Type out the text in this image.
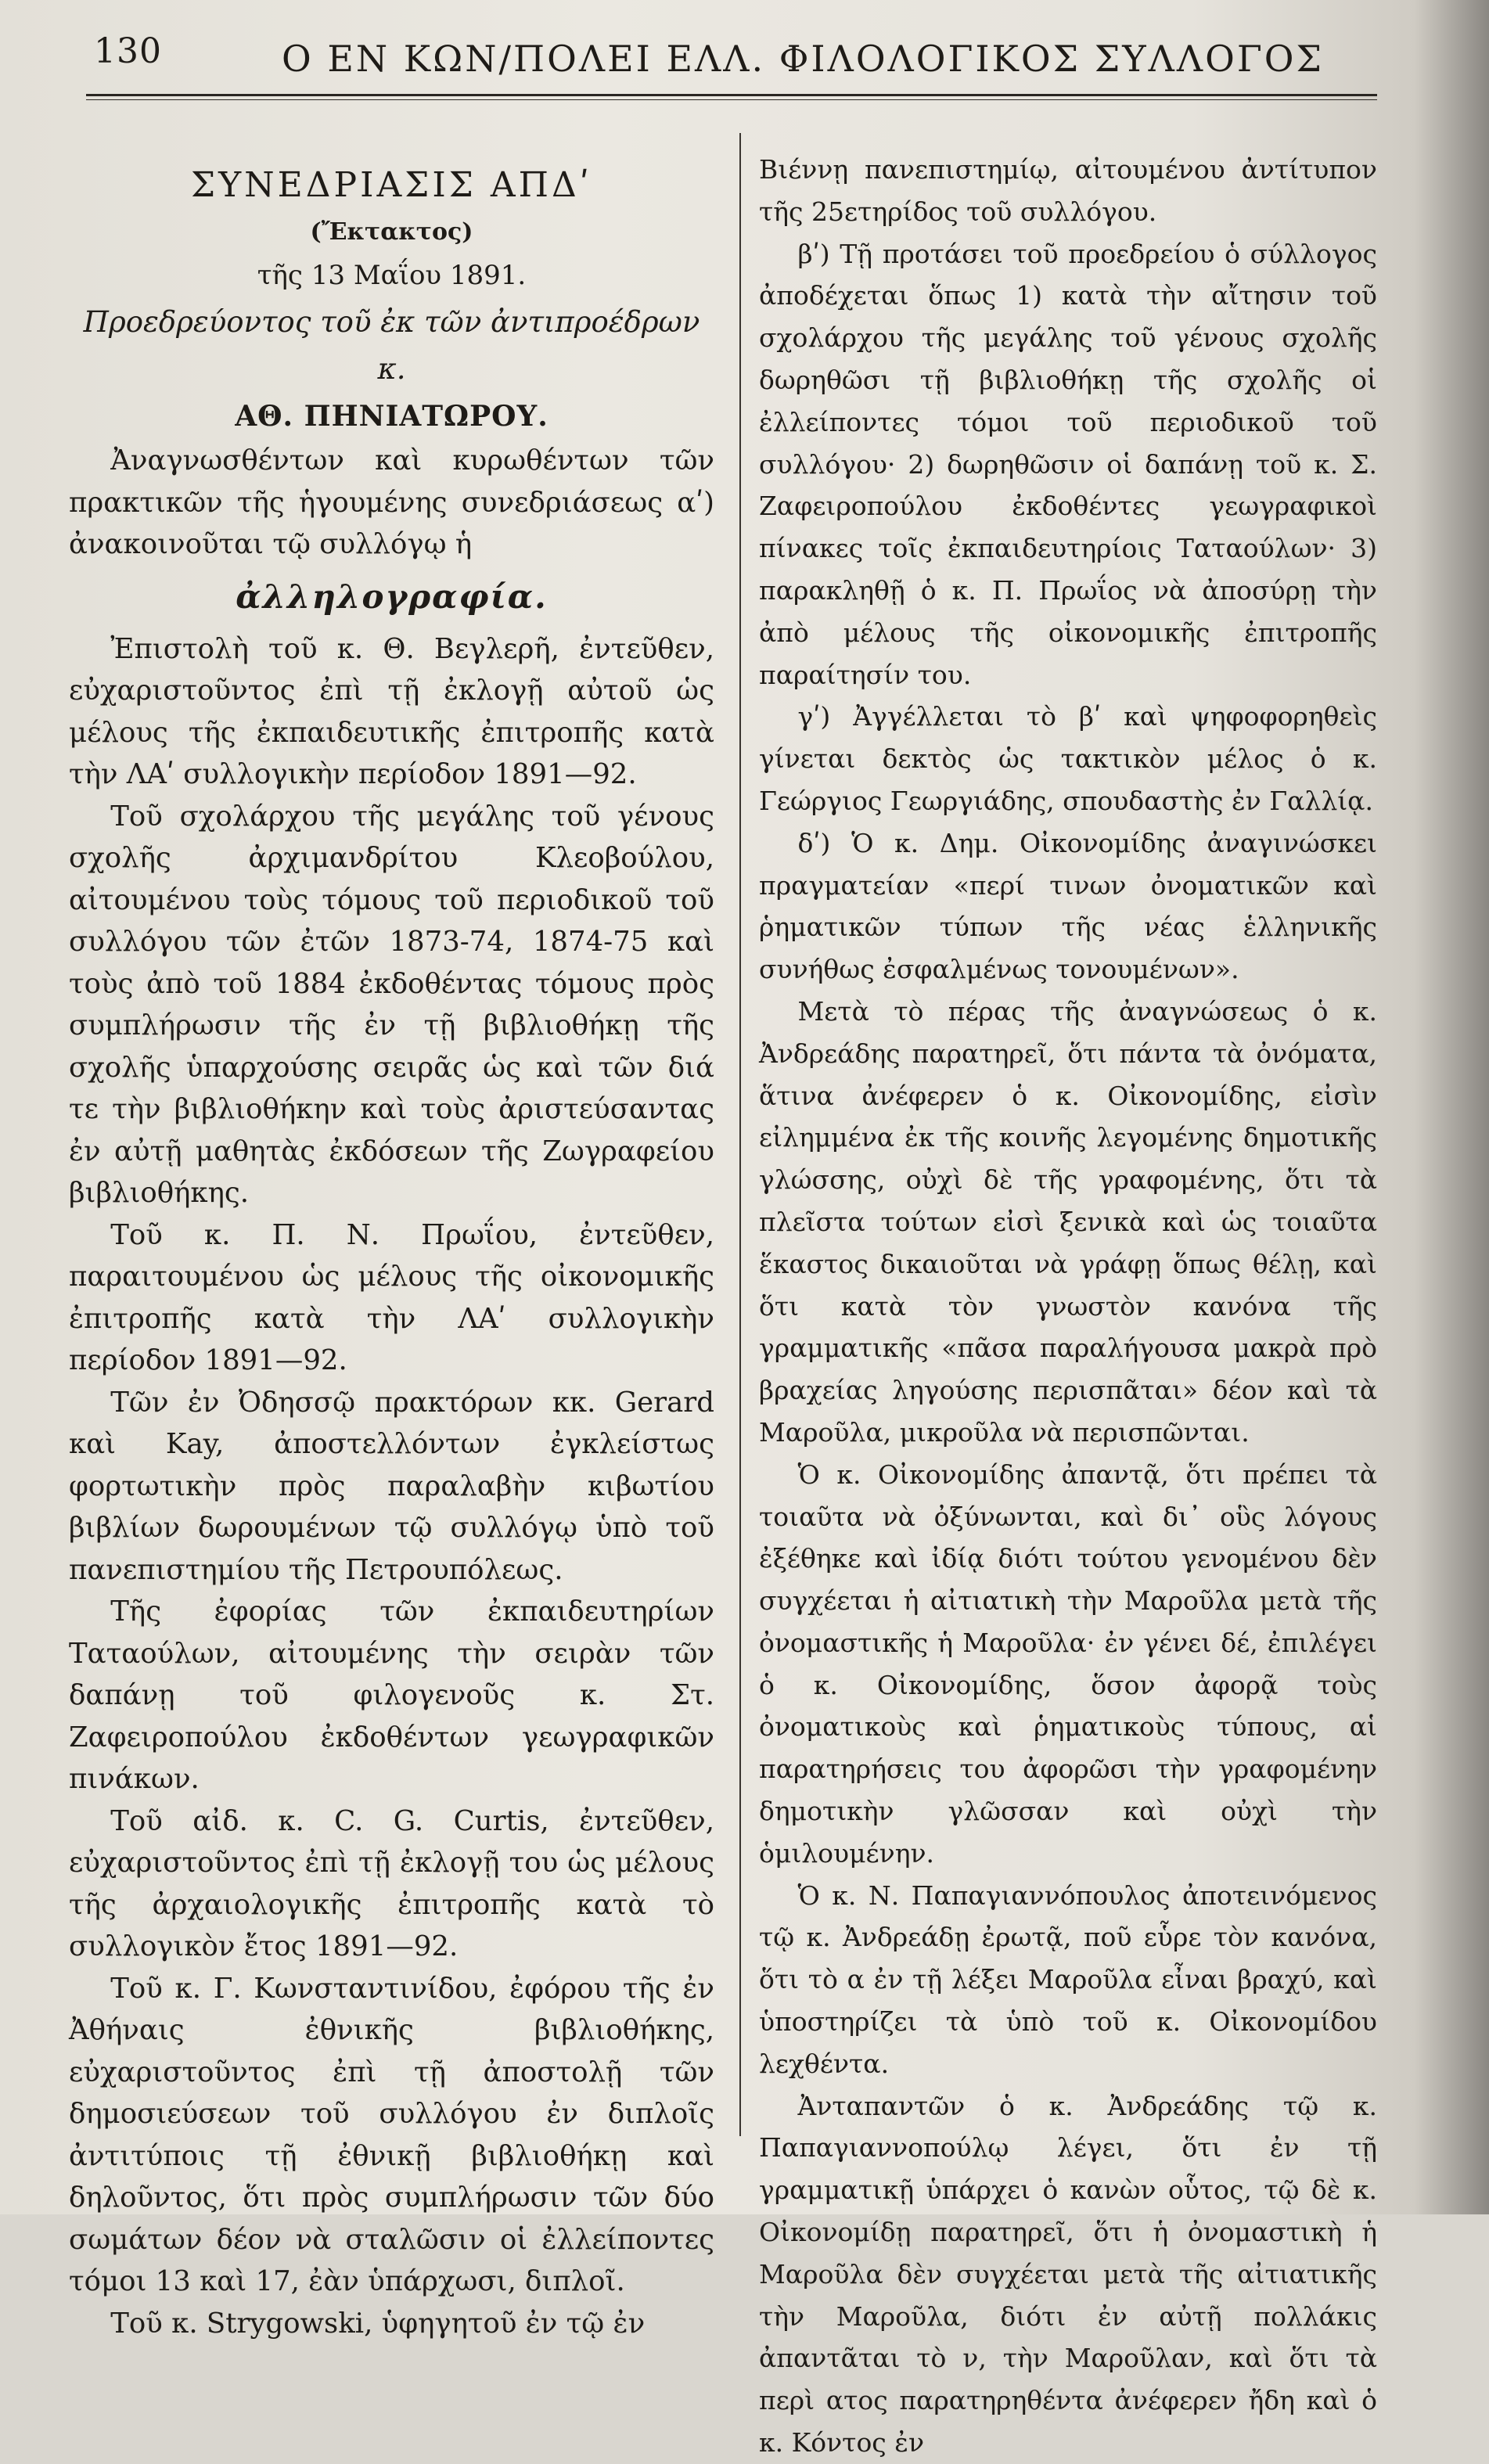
130	Ο ΕΝ ΚΩΝ/ΠΟΛΕΙ ΕΛΛ. ΦΙΛΟΛΟΓΙΚΟΣ ΣΥΛΛΟΓΟΣ

ΣΥΝΕΔΡΙΑΣΙΣ ΑΠΔʹ

(Ἔκτακτος)

τῆς 13 Μαΐου 1891.

Προεδρεύοντος τοῦ ἐκ τῶν ἀντιπροέδρων κ.

ΑΘ. ΠΗΝΙΑΤΩΡΟΥ.

Ἀναγνωσθέντων καὶ κυρωθέντων τῶν πρακτικῶν τῆς ἡγουμένης συνεδριάσεως αʹ) ἀνακοινοῦται τῷ συλλόγῳ ἡ

ἀλληλογραφία.

Ἐπιστολὴ τοῦ κ. Θ. Βεγλερῆ, ἐντεῦθεν, εὐχαριστοῦντος ἐπὶ τῇ ἐκλογῇ αὐτοῦ ὡς μέλους τῆς ἐκπαιδευτικῆς ἐπιτροπῆς κατὰ τὴν ΛΑʹ συλλογικὴν περίοδον 1891—92.

Τοῦ σχολάρχου τῆς μεγάλης τοῦ γένους σχολῆς ἀρχιμανδρίτου Κλεοβούλου, αἰτουμένου τοὺς τόμους τοῦ περιοδικοῦ τοῦ συλλόγου τῶν ἐτῶν 1873-74, 1874-75 καὶ τοὺς ἀπὸ τοῦ 1884 ἐκδοθέντας τόμους πρὸς συμπλήρωσιν τῆς ἐν τῇ βιβλιοθήκῃ τῆς σχολῆς ὑπαρχούσης σειρᾶς ὡς καὶ τῶν διά τε τὴν βιβλιοθήκην καὶ τοὺς ἀριστεύσαντας ἐν αὐτῇ μαθητὰς ἐκδόσεων τῆς Ζωγραφείου βιβλιοθήκης.

Τοῦ κ. Π. Ν. Πρωΐου, ἐντεῦθεν, παραιτουμένου ὡς μέλους τῆς οἰκονομικῆς ἐπιτροπῆς κατὰ τὴν ΛΑʹ συλλογικὴν περίοδον 1891—92.

Τῶν ἐν Ὀδησσῷ πρακτόρων κκ. Gerard καὶ Kay, ἀποστελλόντων ἐγκλείστως φορτωτικὴν πρὸς παραλαβὴν κιβωτίου βιβλίων δωρουμένων τῷ συλλόγῳ ὑπὸ τοῦ πανεπιστημίου τῆς Πετρουπόλεως.

Τῆς ἐφορίας τῶν ἐκπαιδευτηρίων Ταταούλων, αἰτουμένης τὴν σειρὰν τῶν δαπάνῃ τοῦ φιλογενοῦς κ. Στ. Ζαφειροπούλου ἐκδοθέντων γεωγραφικῶν πινάκων.

Τοῦ αἰδ. κ. C. G. Curtis, ἐντεῦθεν, εὐχαριστοῦντος ἐπὶ τῇ ἐκλογῇ του ὡς μέλους τῆς ἀρχαιολογικῆς ἐπιτροπῆς κατὰ τὸ συλλογικὸν ἔτος 1891—92.

Τοῦ κ. Γ. Κωνσταντινίδου, ἐφόρου τῆς ἐν Ἀθήναις ἐθνικῆς βιβλιοθήκης, εὐχαριστοῦντος ἐπὶ τῇ ἀποστολῇ τῶν δημοσιεύσεων τοῦ συλλόγου ἐν διπλοῖς ἀντιτύποις τῇ ἐθνικῇ βιβλιοθήκῃ καὶ δηλοῦντος, ὅτι πρὸς συμπλήρωσιν τῶν δύο σωμάτων δέον νὰ σταλῶσιν οἱ ἐλλείποντες τόμοι 13 καὶ 17, ἐὰν ὑπάρχωσι, διπλοῖ.

Τοῦ κ. Strygowski, ὑφηγητοῦ ἐν τῷ ἐν

Βιέννῃ πανεπιστημίῳ, αἰτουμένου ἀντίτυπον τῆς 25ετηρίδος τοῦ συλλόγου.

βʹ) Τῇ προτάσει τοῦ προεδρείου ὁ σύλλογος ἀποδέχεται ὅπως 1) κατὰ τὴν αἴτησιν τοῦ σχολάρχου τῆς μεγάλης τοῦ γένους σχολῆς δωρηθῶσι τῇ βιβλιοθήκῃ τῆς σχολῆς οἱ ἐλλείποντες τόμοι τοῦ περιοδικοῦ τοῦ συλλόγου· 2) δωρηθῶσιν οἱ δαπάνῃ τοῦ κ. Σ. Ζαφειροπούλου ἐκδοθέντες γεωγραφικοὶ πίνακες τοῖς ἐκπαιδευτηρίοις Ταταούλων· 3) παρακληθῇ ὁ κ. Π. Πρωΐος νὰ ἀποσύρῃ τὴν ἀπὸ μέλους τῆς οἰκονομικῆς ἐπιτροπῆς παραίτησίν του.

γʹ) Ἀγγέλλεται τὸ βʹ καὶ ψηφοφορηθεὶς γίνεται δεκτὸς ὡς τακτικὸν μέλος ὁ κ. Γεώργιος Γεωργιάδης, σπουδαστὴς ἐν Γαλλίᾳ.

δʹ) Ὁ κ. Δημ. Οἰκονομίδης ἀναγινώσκει πραγματείαν «περί τινων ὀνοματικῶν καὶ ῥηματικῶν τύπων τῆς νέας ἑλληνικῆς συνήθως ἐσφαλμένως τονουμένων».

Μετὰ τὸ πέρας τῆς ἀναγνώσεως ὁ κ. Ἀνδρεάδης παρατηρεῖ, ὅτι πάντα τὰ ὀνόματα, ἅτινα ἀνέφερεν ὁ κ. Οἰκονομίδης, εἰσὶν εἰλημμένα ἐκ τῆς κοινῆς λεγομένης δημοτικῆς γλώσσης, οὐχὶ δὲ τῆς γραφομένης, ὅτι τὰ πλεῖστα τούτων εἰσὶ ξενικὰ καὶ ὡς τοιαῦτα ἕκαστος δικαιοῦται νὰ γράφῃ ὅπως θέλῃ, καὶ ὅτι κατὰ τὸν γνωστὸν κανόνα τῆς γραμματικῆς «πᾶσα παραλήγουσα μακρὰ πρὸ βραχείας ληγούσης περισπᾶται» δέον καὶ τὰ Μαροῦλα, μικροῦλα νὰ περισπῶνται.

Ὁ κ. Οἰκονομίδης ἀπαντᾷ, ὅτι πρέπει τὰ τοιαῦτα νὰ ὀξύνωνται, καὶ δι᾽ οὓς λόγους ἐξέθηκε καὶ ἰδίᾳ διότι τούτου γενομένου δὲν συγχέεται ἡ αἰτιατικὴ τὴν Μαροῦλα μετὰ τῆς ὀνομαστικῆς ἡ Μαροῦλα· ἐν γένει δέ, ἐπιλέγει ὁ κ. Οἰκονομίδης, ὅσον ἀφορᾷ τοὺς ὀνοματικοὺς καὶ ῥηματικοὺς τύπους, αἱ παρατηρήσεις του ἀφορῶσι τὴν γραφομένην δημοτικὴν γλῶσσαν καὶ οὐχὶ τὴν ὁμιλουμένην.

Ὁ κ. Ν. Παπαγιαννόπουλος ἀποτεινόμενος τῷ κ. Ἀνδρεάδῃ ἐρωτᾷ, ποῦ εὗρε τὸν κανόνα, ὅτι τὸ α ἐν τῇ λέξει Μαροῦλα εἶναι βραχύ, καὶ ὑποστηρίζει τὰ ὑπὸ τοῦ κ. Οἰκονομίδου λεχθέντα.

Ἀνταπαντῶν ὁ κ. Ἀνδρεάδης τῷ κ. Παπαγιαννοπούλῳ λέγει, ὅτι ἐν τῇ γραμματικῇ ὑπάρχει ὁ κανὼν οὗτος, τῷ δὲ κ. Οἰκονομίδῃ παρατηρεῖ, ὅτι ἡ ὀνομαστικὴ ἡ Μαροῦλα δὲν συγχέεται μετὰ τῆς αἰτιατικῆς τὴν Μαροῦλα, διότι ἐν αὐτῇ πολλάκις ἀπαντᾶται τὸ ν, τὴν Μαροῦλαν, καὶ ὅτι τὰ περὶ ατος παρατηρηθέντα ἀνέφερεν ἤδη καὶ ὁ κ. Κόντος ἐν
